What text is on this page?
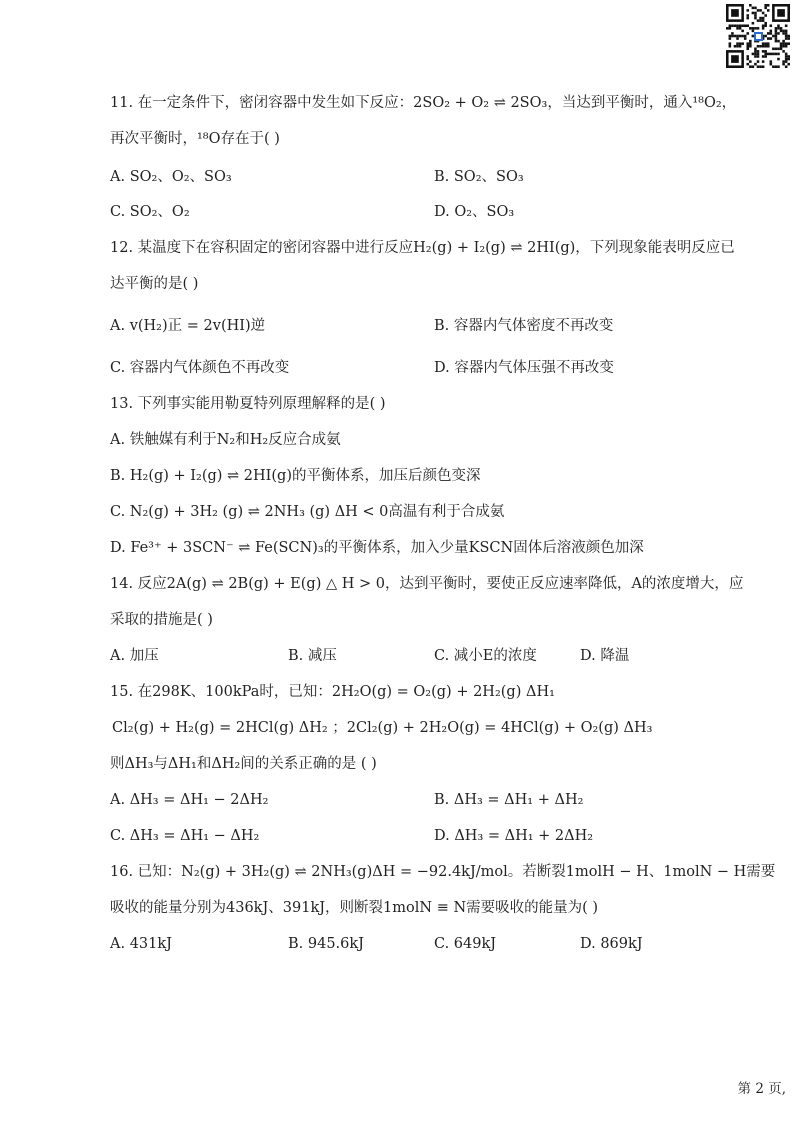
11. 在一定条件下，密闭容器中发生如下反应：2SO₂ + O₂ ⇌ 2SO₃，当达到平衡时，通入¹⁸O₂，
再次平衡时，¹⁸O存在于( )
A. SO₂、O₂、SO₃	B. SO₂、SO₃
C. SO₂、O₂	D. O₂、SO₃
12. 某温度下在容积固定的密闭容器中进行反应H₂(g) + I₂(g) ⇌ 2HI(g)，下列现象能表明反应已
达平衡的是( )
A. v(H₂)正 = 2v(HI)逆	B. 容器内气体密度不再改变
C. 容器内气体颜色不再改变	D. 容器内气体压强不再改变
13. 下列事实能用勒夏特列原理解释的是( )
A. 铁触媒有利于N₂和H₂反应合成氨
B. H₂(g) + I₂(g) ⇌ 2HI(g)的平衡体系，加压后颜色变深
C. N₂(g) + 3H₂ (g) ⇌ 2NH₃ (g) ΔH < 0高温有利于合成氨
D. Fe³⁺ + 3SCN⁻ ⇌ Fe(SCN)₃的平衡体系，加入少量KSCN固体后溶液颜色加深
14. 反应2A(g) ⇌ 2B(g) + E(g) △ H > 0，达到平衡时，要使正反应速率降低，A的浓度增大，应
采取的措施是( )
A. 加压	B. 减压	C. 减小E的浓度	D. 降温
15. 在298K、100kPa时，已知：2H₂O(g) = O₂(g) + 2H₂(g) ΔH₁
Cl₂(g) + H₂(g) = 2HCl(g) ΔH₂ ；2Cl₂(g) + 2H₂O(g) = 4HCl(g) + O₂(g) ΔH₃
则ΔH₃与ΔH₁和ΔH₂间的关系正确的是 ( )
A. ΔH₃ = ΔH₁ − 2ΔH₂	B. ΔH₃ = ΔH₁ + ΔH₂
C. ΔH₃ = ΔH₁ − ΔH₂	D. ΔH₃ = ΔH₁ + 2ΔH₂
16. 已知：N₂(g) + 3H₂(g) ⇌ 2NH₃(g)ΔH = −92.4kJ/mol。若断裂1molH − H、1molN − H需要
吸收的能量分别为436kJ、391kJ，则断裂1molN ≡ N需要吸收的能量为( )
A. 431kJ	B. 945.6kJ	C. 649kJ	D. 869kJ
第 2 页,
